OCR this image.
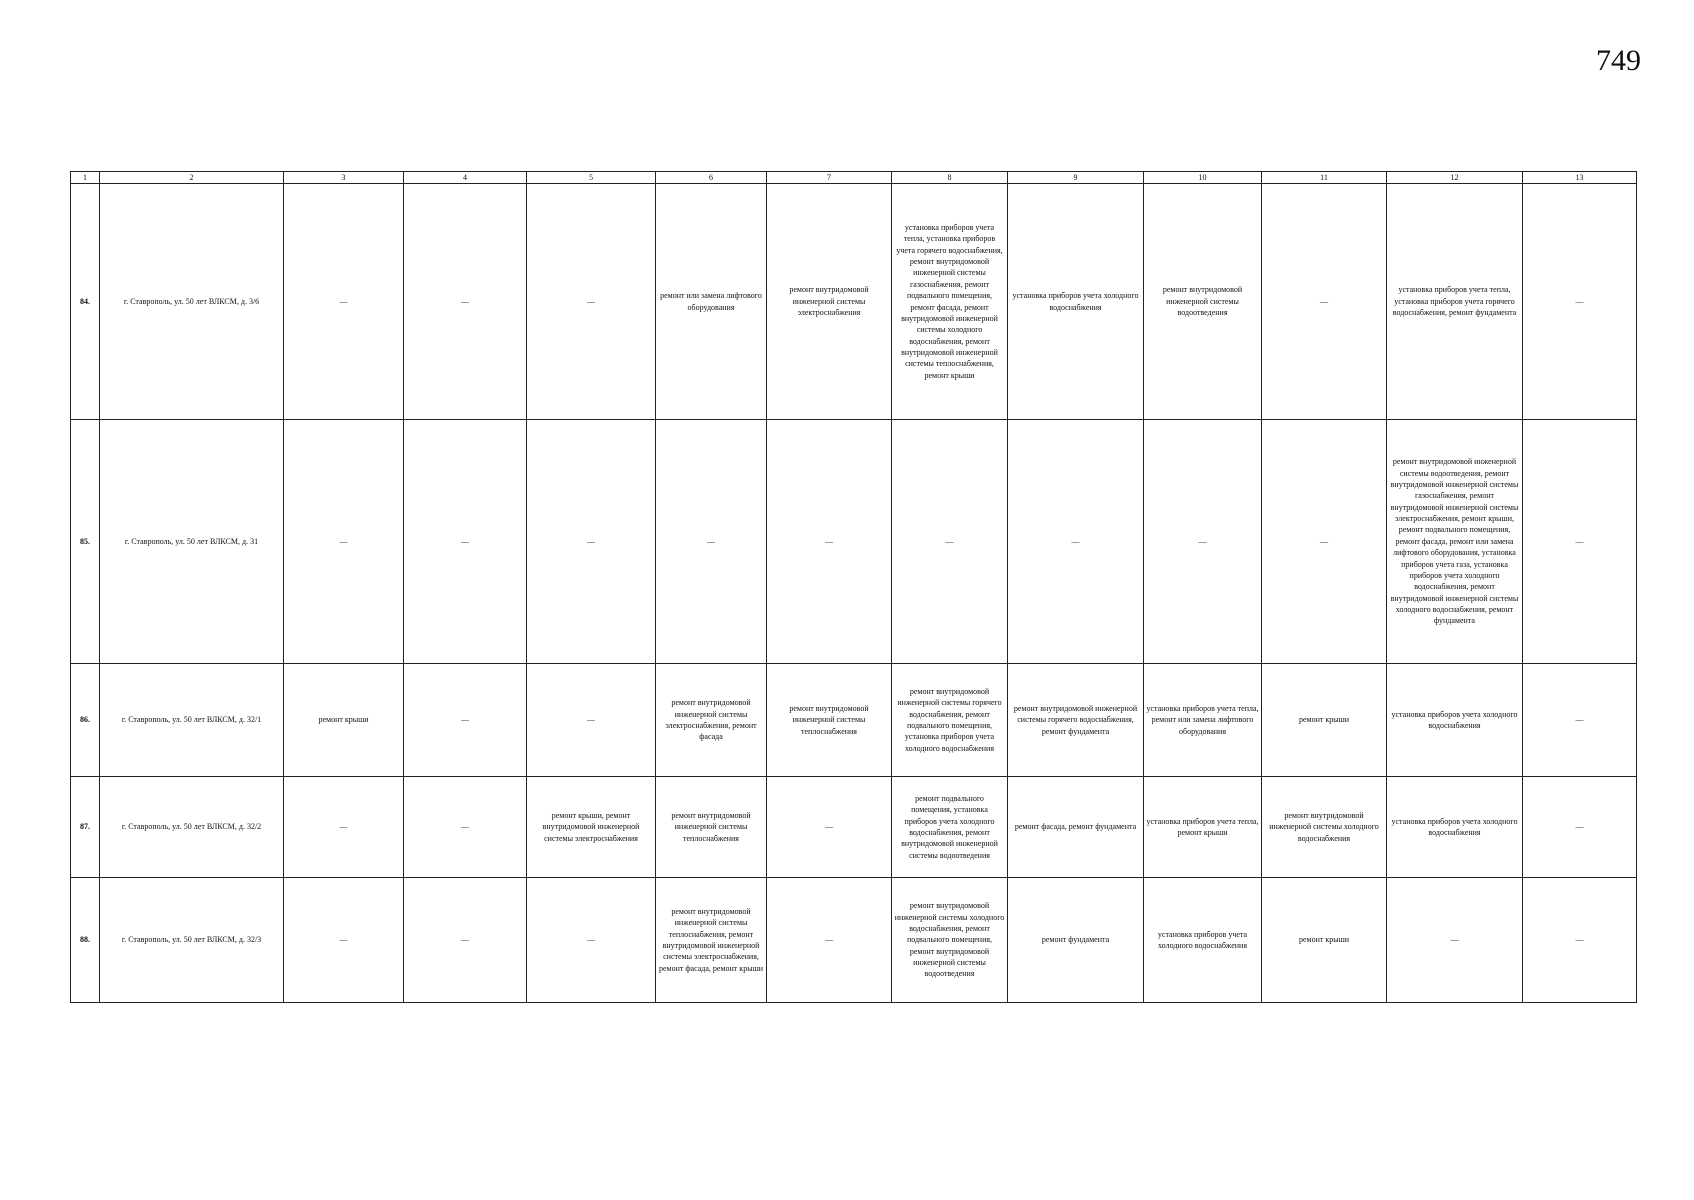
749
1	2	3	4	5	6	7	8	9	10	11	12	13
84.	г. Ставрополь, ул. 50 лет ВЛКСМ, д. 3/6	—	—	—	ремонт или замена лифтового оборудования	ремонт внутридомовой инженерной системы электроснабжения	установка приборов учета тепла, установка приборов учета горячего водоснабжения, ремонт внутридомовой инженерной системы газоснабжения, ремонт подвального помещения, ремонт фасада, ремонт внутридомовой инженерной системы холодного водоснабжения, ремонт внутридомовой инженерной системы теплоснабжения, ремонт крыши	установка приборов учета холодного водоснабжения	ремонт внутридомовой инженерной системы водоотведения	—	установка приборов учета тепла, установка приборов учета горячего водоснабжения, ремонт фундамента	—
85.	г. Ставрополь, ул. 50 лет ВЛКСМ, д. 31	—	—	—	—	—	—	—	—	—	ремонт внутридомовой инженерной системы водоотведения, ремонт внутридомовой инженерной системы газоснабжения, ремонт внутридомовой инженерной системы электроснабжения, ремонт крыши, ремонт подвального помещения, ремонт фасада, ремонт или замена лифтового оборудования, установка приборов учета газа, установка приборов учета холодного водоснабжения, ремонт внутридомовой инженерной системы холодного водоснабжения, ремонт фундамента	—
86.	г. Ставрополь, ул. 50 лет ВЛКСМ, д. 32/1	ремонт крыши	—	—	ремонт внутридомовой инженерной системы электроснабжения, ремонт фасада	ремонт внутридомовой инженерной системы теплоснабжения	ремонт внутридомовой инженерной системы горячего водоснабжения, ремонт подвального помещения, установка приборов учета холодного водоснабжения	ремонт внутридомовой инженерной системы горячего водоснабжения, ремонт фундамента	установка приборов учета тепла, ремонт или замена лифтового оборудования	ремонт крыши	установка приборов учета холодного водоснабжения	—
87.	г. Ставрополь, ул. 50 лет ВЛКСМ, д. 32/2	—	—	ремонт крыши, ремонт внутридомовой инженерной системы электроснабжения	ремонт внутридомовой инженерной системы теплоснабжения	—	ремонт подвального помещения, установка приборов учета холодного водоснабжения, ремонт внутридомовой инженерной системы водоотведения	ремонт фасада, ремонт фундамента	установка приборов учета тепла, ремонт крыши	ремонт внутридомовой инженерной системы холодного водоснабжения	установка приборов учета холодного водоснабжения	—
88.	г. Ставрополь, ул. 50 лет ВЛКСМ, д. 32/3	—	—	—	ремонт внутридомовой инженерной системы теплоснабжения, ремонт внутридомовой инженерной системы электроснабжения, ремонт фасада, ремонт крыши	—	ремонт внутридомовой инженерной системы холодного водоснабжения, ремонт подвального помещения, ремонт внутридомовой инженерной системы водоотведения	ремонт фундамента	установка приборов учета холодного водоснабжения	ремонт крыши	—	—
